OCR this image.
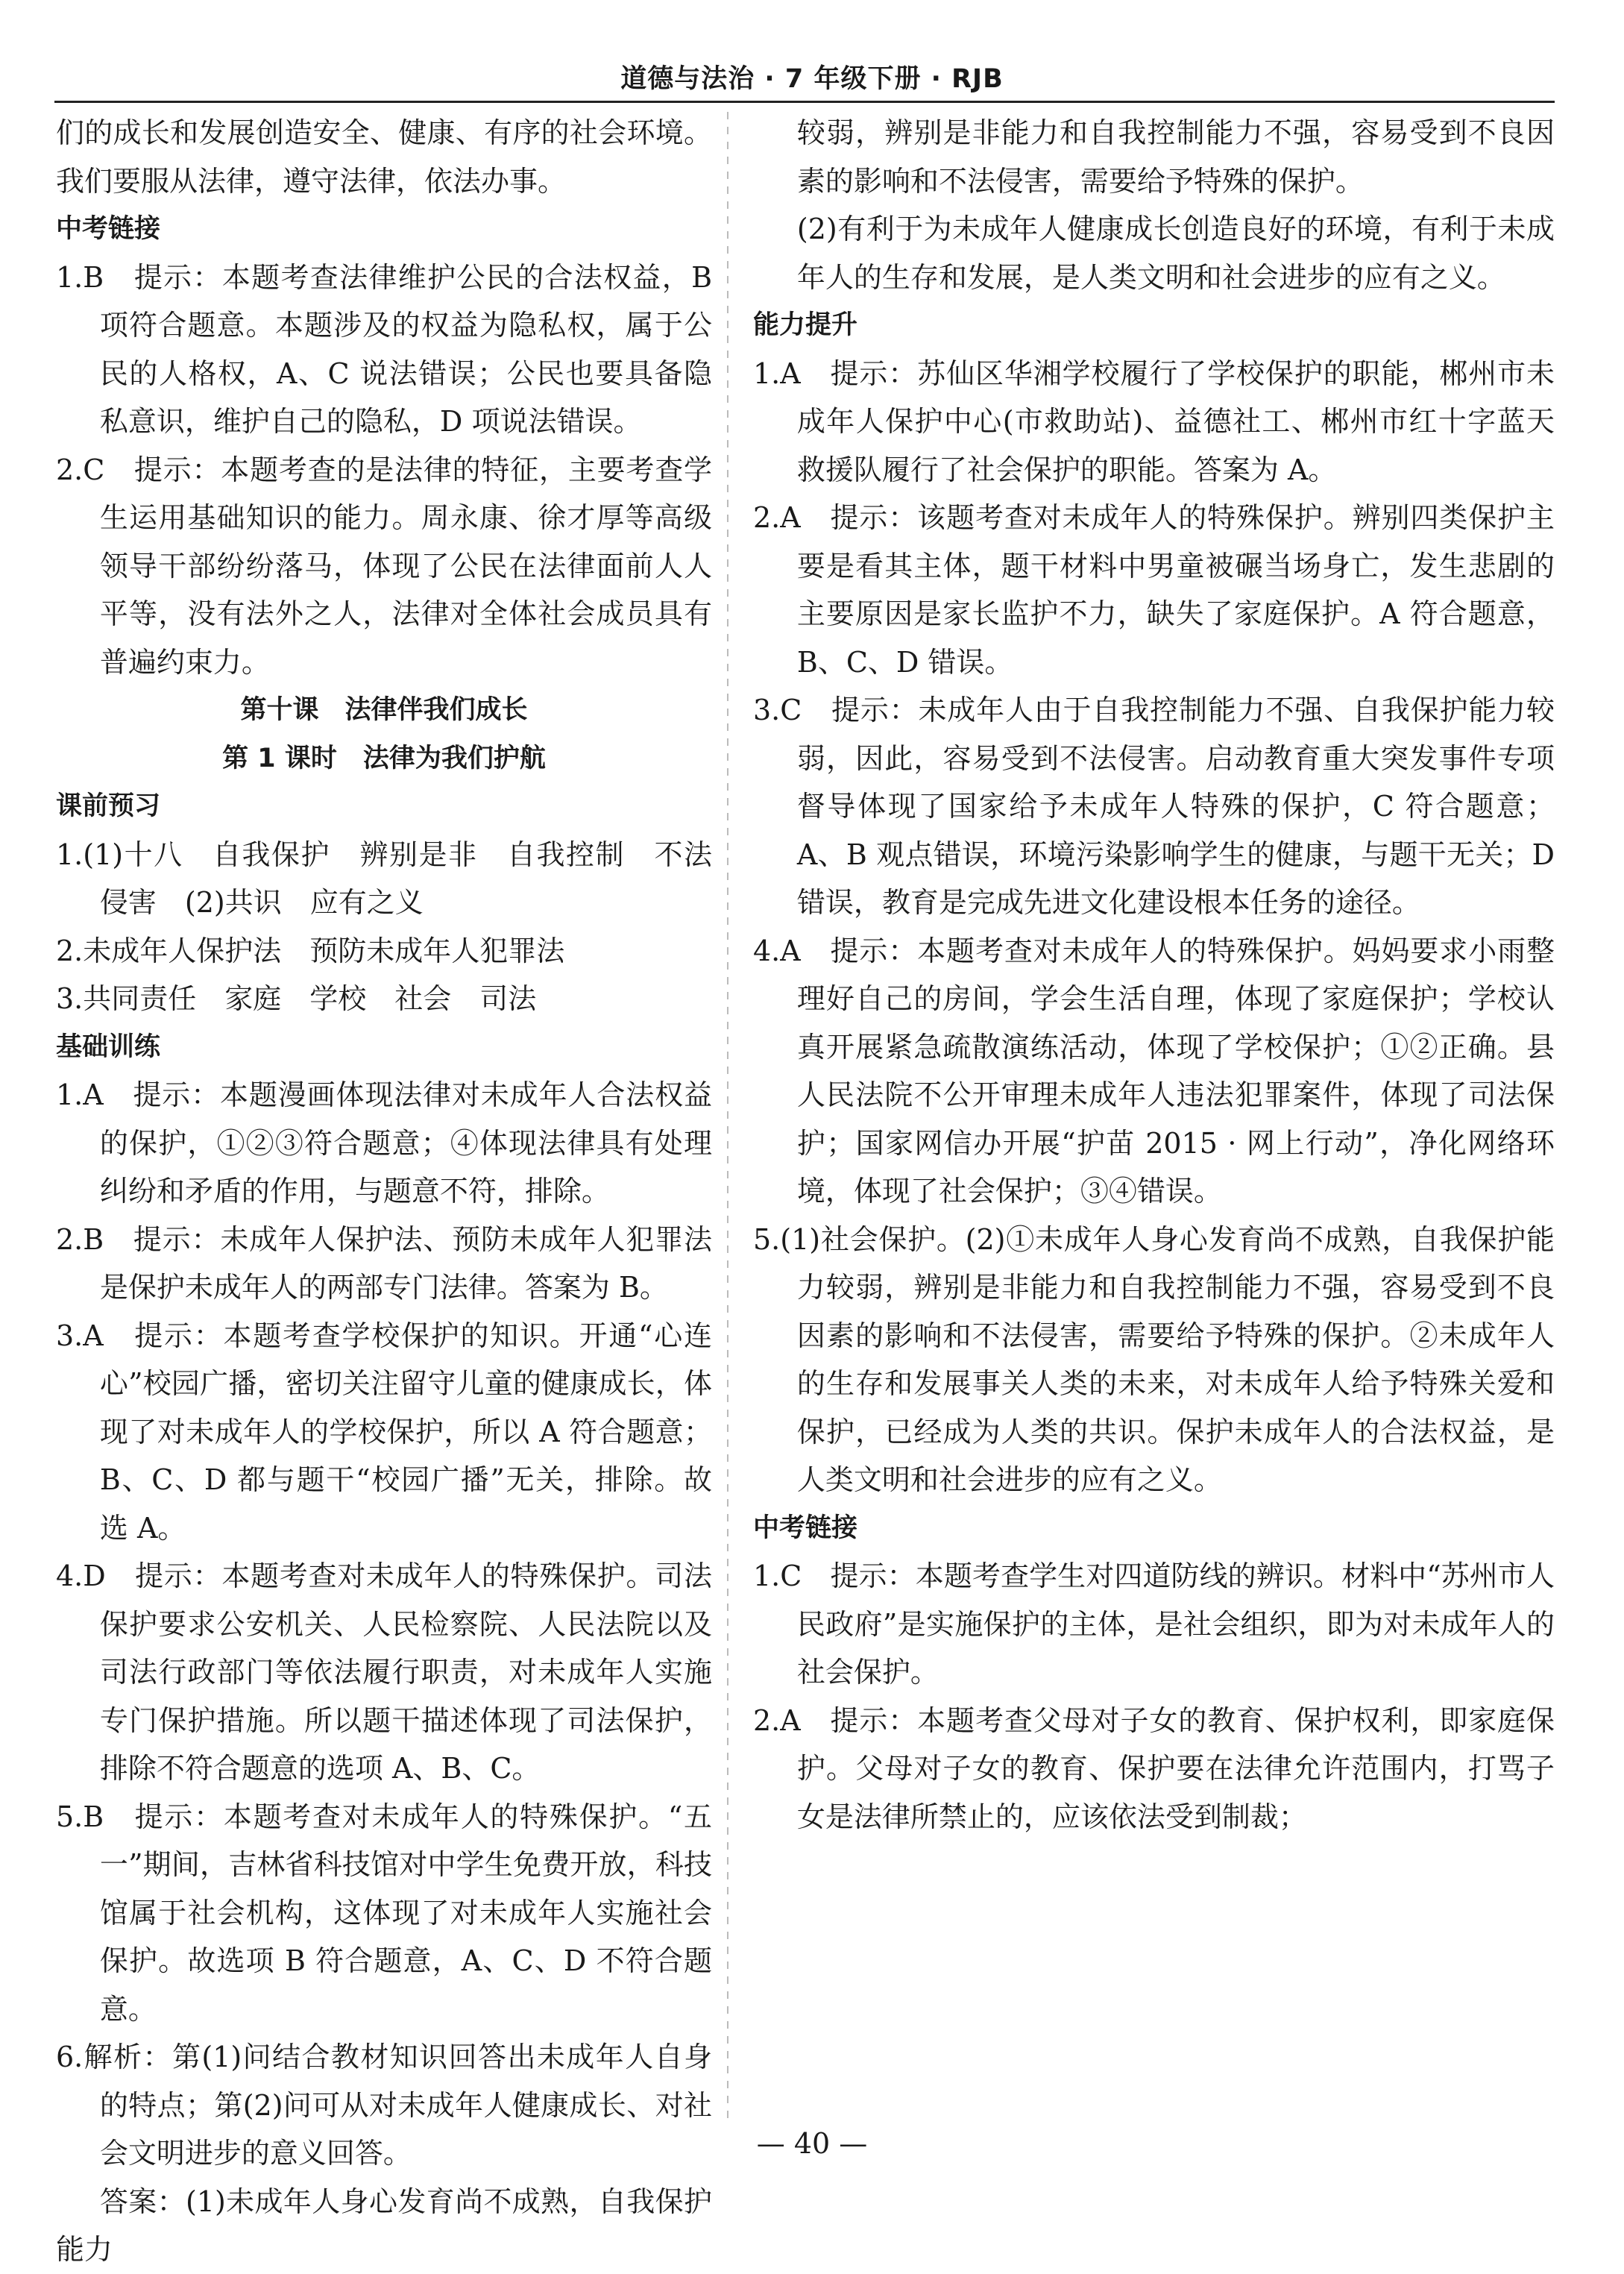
道德与法治 · 7 年级下册 · RJB

们的成长和发展创造安全、健康、有序的社会环境。我们要服从法律，遵守法律，依法办事。

中考链接

1.B　提示：本题考查法律维护公民的合法权益，B 项符合题意。本题涉及的权益为隐私权，属于公民的人格权，A、C 说法错误；公民也要具备隐私意识，维护自己的隐私，D 项说法错误。

2.C　提示：本题考查的是法律的特征，主要考查学生运用基础知识的能力。周永康、徐才厚等高级领导干部纷纷落马，体现了公民在法律面前人人平等，没有法外之人，法律对全体社会成员具有普遍约束力。

第十课　法律伴我们成长

第 1 课时　法律为我们护航

课前预习

1.(1)十八　自我保护　辨别是非　自我控制　不法侵害　(2)共识　应有之义

2.未成年人保护法　预防未成年人犯罪法

3.共同责任　家庭　学校　社会　司法

基础训练

1.A　提示：本题漫画体现法律对未成年人合法权益的保护，①②③符合题意；④体现法律具有处理纠纷和矛盾的作用，与题意不符，排除。

2.B　提示：未成年人保护法、预防未成年人犯罪法是保护未成年人的两部专门法律。答案为 B。

3.A　提示：本题考查学校保护的知识。开通“心连心”校园广播，密切关注留守儿童的健康成长，体现了对未成年人的学校保护，所以 A 符合题意；B、C、D 都与题干“校园广播”无关，排除。故选 A。

4.D　提示：本题考查对未成年人的特殊保护。司法保护要求公安机关、人民检察院、人民法院以及司法行政部门等依法履行职责，对未成年人实施专门保护措施。所以题干描述体现了司法保护，排除不符合题意的选项 A、B、C。

5.B　提示：本题考查对未成年人的特殊保护。“五一”期间，吉林省科技馆对中学生免费开放，科技馆属于社会机构，这体现了对未成年人实施社会保护。故选项 B 符合题意，A、C、D 不符合题意。

6.解析：第(1)问结合教材知识回答出未成年人自身的特点；第(2)问可从对未成年人健康成长、对社会文明进步的意义回答。

答案：(1)未成年人身心发育尚不成熟，自我保护能力

较弱，辨别是非能力和自我控制能力不强，容易受到不良因素的影响和不法侵害，需要给予特殊的保护。

(2)有利于为未成年人健康成长创造良好的环境，有利于未成年人的生存和发展，是人类文明和社会进步的应有之义。

能力提升

1.A　提示：苏仙区华湘学校履行了学校保护的职能，郴州市未成年人保护中心(市救助站)、益德社工、郴州市红十字蓝天救援队履行了社会保护的职能。答案为 A。

2.A　提示：该题考查对未成年人的特殊保护。辨别四类保护主要是看其主体，题干材料中男童被碾当场身亡，发生悲剧的主要原因是家长监护不力，缺失了家庭保护。A 符合题意，B、C、D 错误。

3.C　提示：未成年人由于自我控制能力不强、自我保护能力较弱，因此，容易受到不法侵害。启动教育重大突发事件专项督导体现了国家给予未成年人特殊的保护，C 符合题意；A、B 观点错误，环境污染影响学生的健康，与题干无关；D 错误，教育是完成先进文化建设根本任务的途径。

4.A　提示：本题考查对未成年人的特殊保护。妈妈要求小雨整理好自己的房间，学会生活自理，体现了家庭保护；学校认真开展紧急疏散演练活动，体现了学校保护；①②正确。县人民法院不公开审理未成年人违法犯罪案件，体现了司法保护；国家网信办开展“护苗 2015 · 网上行动”，净化网络环境，体现了社会保护；③④错误。

5.(1)社会保护。(2)①未成年人身心发育尚不成熟，自我保护能力较弱，辨别是非能力和自我控制能力不强，容易受到不良因素的影响和不法侵害，需要给予特殊的保护。②未成年人的生存和发展事关人类的未来，对未成年人给予特殊关爱和保护，已经成为人类的共识。保护未成年人的合法权益，是人类文明和社会进步的应有之义。

中考链接

1.C　提示：本题考查学生对四道防线的辨识。材料中“苏州市人民政府”是实施保护的主体，是社会组织，即为对未成年人的社会保护。

2.A　提示：本题考查父母对子女的教育、保护权利，即家庭保护。父母对子女的教育、保护要在法律允许范围内，打骂子女是法律所禁止的，应该依法受到制裁；

— 40 —
